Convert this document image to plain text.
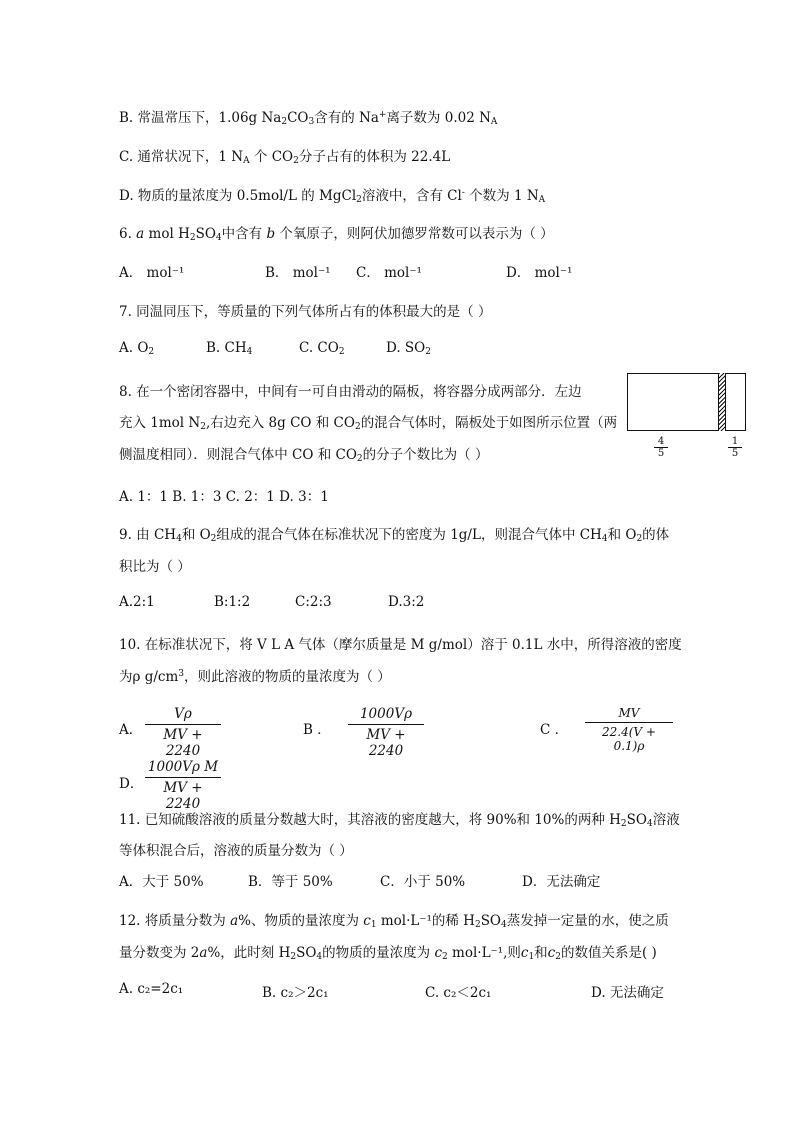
B. 常温常压下，1.06g $Na_2CO_3$含有的 Na+离子数为 0.02 $N_A$
C. 通常状况下，1 $N_A$ 个 $CO_2$分子占有的体积为 22.4L
D. 物质的量浓度为 0.5mol/L 的 MgCl$_2$溶液中，含有 Cl- 个数为 1 $N_A$
6. a mol $H_2SO_4$中含有 b 个氧原子，则阿伏加德罗常数可以表示为（ ）
A． mol⁻¹	B． mol⁻¹ C． mol⁻¹	D． mol⁻¹
7. 同温同压下，等质量的下列气体所占有的体积最大的是（ ）
A. $O_2$	B. $CH_4$	C. $CO_2$	D. $SO_2$
8. 在一个密闭容器中，中间有一可自由滑动的隔板，将容器分成两部分．左边
充入 1mol $N_2$,右边充入 8g CO 和 $CO_2$的混合气体时，隔板处于如图所示位置（两
侧温度相同）．则混合气体中 CO 和 $CO_2$的分子个数比为（ ）
A. 1：1 B. 1：3 C. 2：1 D. 3：1
4
5
1
5
9. 由 $CH_4$和 $O_2$组成的混合气体在标准状况下的密度为 1g/L，则混合气体中 $CH_4$和 $O_2$的体
积比为（ ）
A.2:1	B:1:2	C:2:3	D.3:2
10. 在标准状况下，将 V L A 气体（摩尔质量是 M g/mol）溶于 0.1L 水中，所得溶液的密度
为ρ $g/cm^3$，则此溶液的物质的量浓度为（ ）
A．
Vρ
MV + 2240
B ．
1000Vρ
MV + 2240
C ．
MV
22.4(V + 0.1)ρ
D．
1000Vρ M
MV + 2240
11. 已知硫酸溶液的质量分数越大时，其溶液的密度越大，将 90%和 10%的两种 $H_2SO_4$溶液
等体积混合后，溶液的质量分数为（ ）
A．大于 50%	B．等于 50%	C．小于 50%	D．无法确定
12. 将质量分数为 a%、物质的量浓度为 $c_1$ mol·L⁻¹的稀 $H_2SO_4$蒸发掉一定量的水，使之质
量分数变为 2a%，此时刻 $H_2SO_4$的物质的量浓度为 $c_2$ mol·L⁻¹,则$c_1$和$c_2$的数值关系是( )
A. c₂=2c₁	B. c₂＞2c₁	C. c₂＜2c₁	D. 无法确定
